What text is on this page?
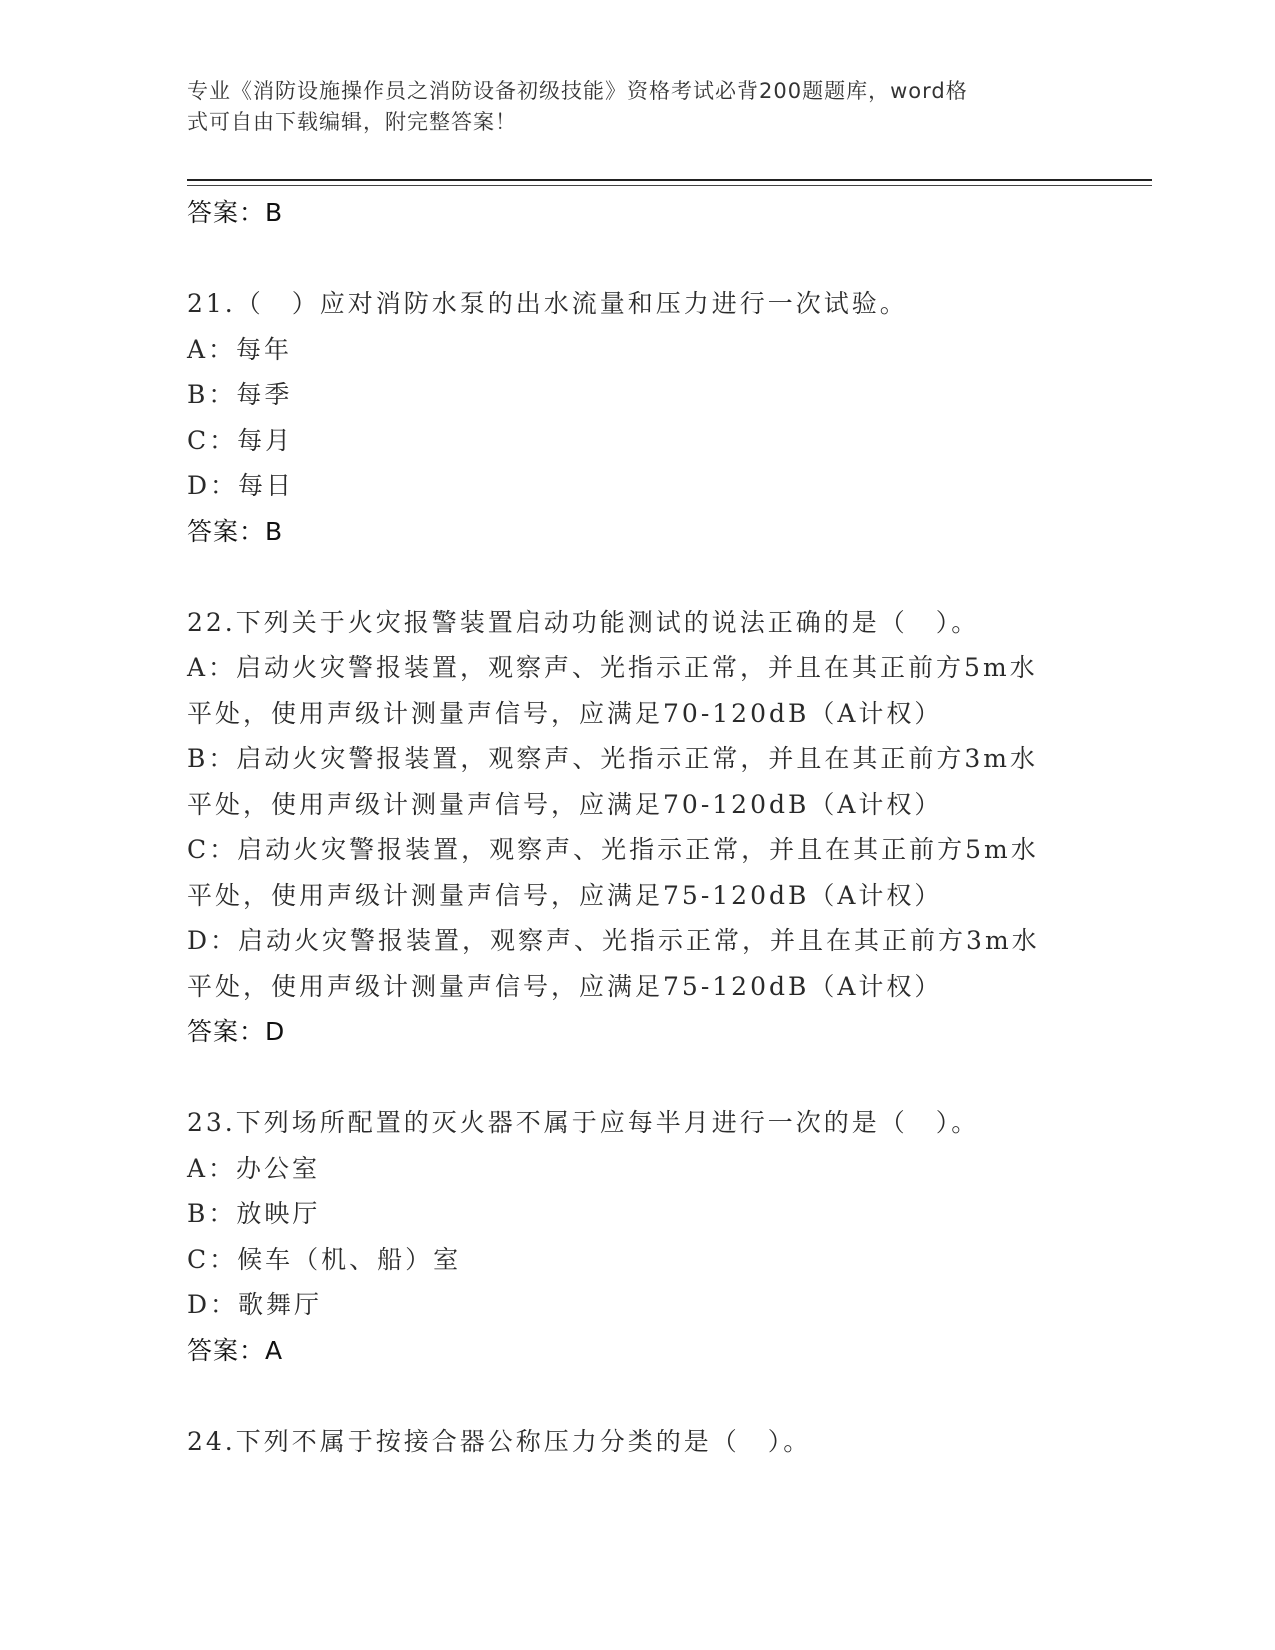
专业《消防设施操作员之消防设备初级技能》资格考试必背200题题库，word格
式可自由下载编辑，附完整答案！
答案：B
21.（　）应对消防水泵的出水流量和压力进行一次试验。
A：每年
B：每季
C：每月
D：每日
答案：B
22.下列关于火灾报警装置启动功能测试的说法正确的是（　）。
A：启动火灾警报装置，观察声、光指示正常，并且在其正前方5m水
平处，使用声级计测量声信号，应满足70-120dB（A计权）
B：启动火灾警报装置，观察声、光指示正常，并且在其正前方3m水
平处，使用声级计测量声信号，应满足70-120dB（A计权）
C：启动火灾警报装置，观察声、光指示正常，并且在其正前方5m水
平处，使用声级计测量声信号，应满足75-120dB（A计权）
D：启动火灾警报装置，观察声、光指示正常，并且在其正前方3m水
平处，使用声级计测量声信号，应满足75-120dB（A计权）
答案：D
23.下列场所配置的灭火器不属于应每半月进行一次的是（　）。
A：办公室
B：放映厅
C：候车（机、船）室
D：歌舞厅
答案：A
24.下列不属于按接合器公称压力分类的是（　）。
